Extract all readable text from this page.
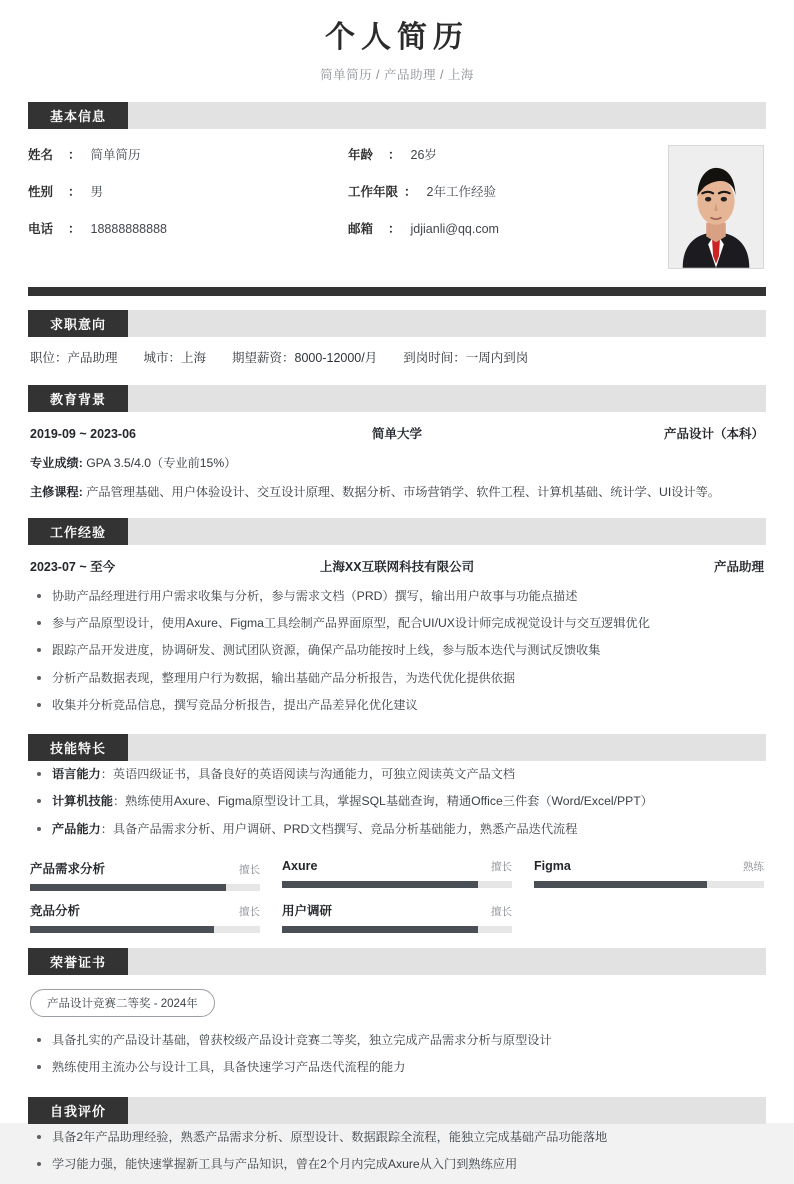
个人简历
简单简历 / 产品助理 / 上海
基本信息
姓名	： 简单简历	年龄	： 26岁
性别	： 男	工作年限 ： 2年工作经验
电话	： 18888888888	邮箱	： jdjianli@qq.com
求职意向
职位：产品助理 城市：上海 期望薪资：8000-12000/月 到岗时间：一周内到岗
教育背景
2019-09 ~ 2023-06	简单大学	产品设计（本科）
专业成绩: GPA 3.5/4.0（专业前15%）
主修课程: 产品管理基础、用户体验设计、交互设计原理、数据分析、市场营销学、软件工程、计算机基础、统计学、UI设计等。
工作经验
2023-07 ~ 至今	上海XX互联网科技有限公司	产品助理
协助产品经理进行用户需求收集与分析，参与需求文档（PRD）撰写，输出用户故事与功能点描述
参与产品原型设计，使用Axure、Figma工具绘制产品界面原型，配合UI/UX设计师完成视觉设计与交互逻辑优化
跟踪产品开发进度，协调研发、测试团队资源，确保产品功能按时上线，参与版本迭代与测试反馈收集
分析产品数据表现，整理用户行为数据，输出基础产品分析报告，为迭代优化提供依据
收集并分析竞品信息，撰写竞品分析报告，提出产品差异化优化建议
技能特长
语言能力：英语四级证书，具备良好的英语阅读与沟通能力，可独立阅读英文产品文档
计算机技能：熟练使用Axure、Figma原型设计工具，掌握SQL基础查询，精通Office三件套（Word/Excel/PPT）
产品能力：具备产品需求分析、用户调研、PRD文档撰写、竞品分析基础能力，熟悉产品迭代流程
产品需求分析	擅长 Axure	擅长 Figma	熟练
竞品分析	擅长 用户调研	擅长
荣誉证书
产品设计竞赛二等奖 - 2024年
具备扎实的产品设计基础，曾获校级产品设计竞赛二等奖，独立完成产品需求分析与原型设计
熟练使用主流办公与设计工具，具备快速学习产品迭代流程的能力
自我评价
具备2年产品助理经验，熟悉产品需求分析、原型设计、数据跟踪全流程，能独立完成基础产品功能落地
学习能力强，能快速掌握新工具与产品知识，曾在2个月内完成Axure从入门到熟练应用
